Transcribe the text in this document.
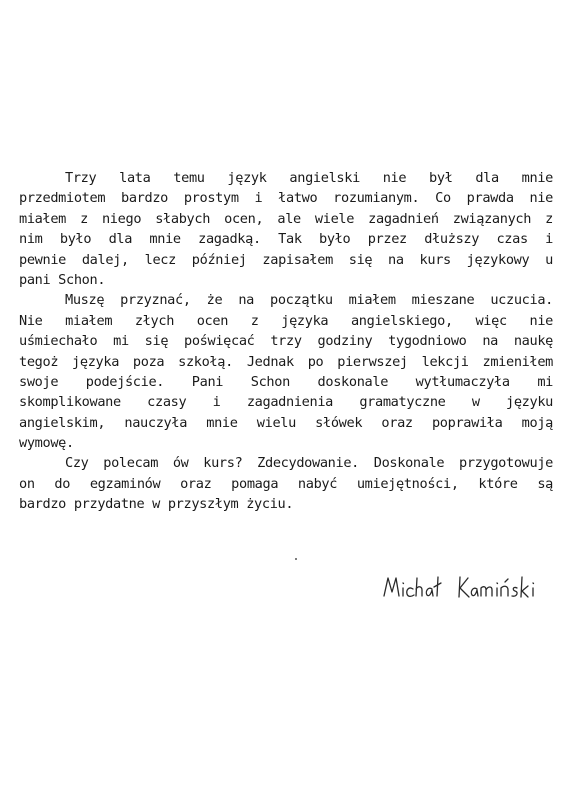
Trzy lata temu język angielski nie był dla mnie
przedmiotem bardzo prostym i łatwo rozumianym. Co prawda nie
miałem z niego słabych ocen, ale wiele zagadnień związanych z
nim było dla mnie zagadką. Tak było przez dłuższy czas i
pewnie dalej, lecz później zapisałem się na kurs językowy u
pani Schon.
Muszę przyznać, że na początku miałem mieszane uczucia.
Nie miałem złych ocen z języka angielskiego, więc nie
uśmiechało mi się poświęcać trzy godziny tygodniowo na naukę
tegoż języka poza szkołą. Jednak po pierwszej lekcji zmieniłem
swoje podejście. Pani Schon doskonale wytłumaczyła mi
skomplikowane czasy i zagadnienia gramatyczne w języku
angielskim, nauczyła mnie wielu słówek oraz poprawiła moją
wymowę.
Czy polecam ów kurs? Zdecydowanie. Doskonale przygotowuje
on do egzaminów oraz pomaga nabyć umiejętności, które są
bardzo przydatne w przyszłym życiu.
